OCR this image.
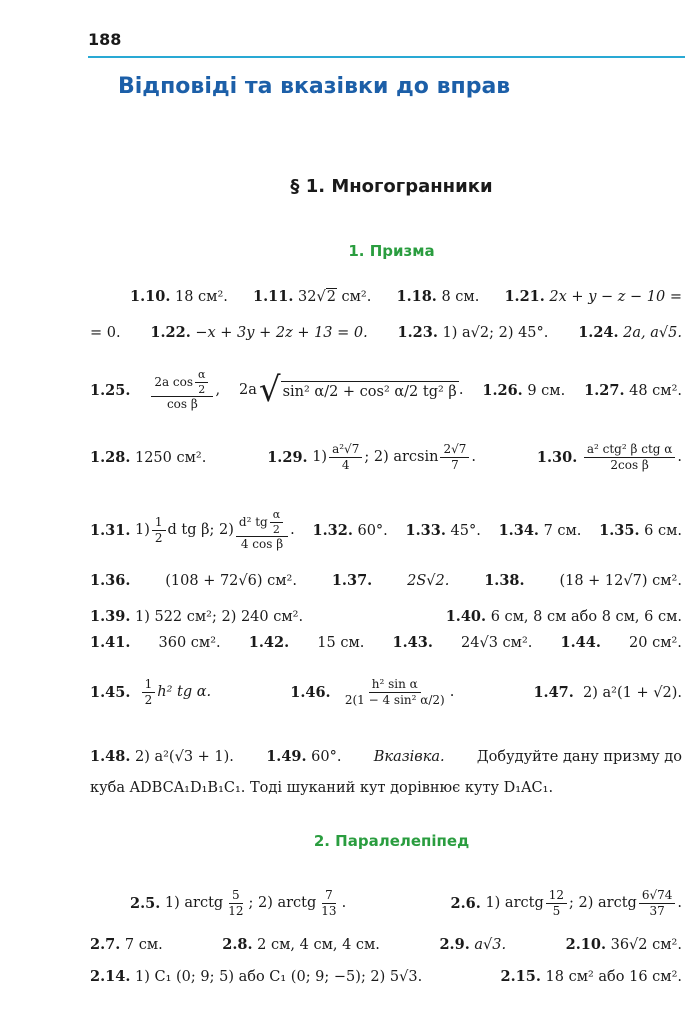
188
Відповіді та вказівки до вправ
§ 1. Многогранники
1. Призма
1.10. 18 см². 1.11. 32√2 см². 1.18. 8 см. 1.21. 2x + y − z − 10 =
= 0. 1.22. −x + 3y + 2z + 13 = 0. 1.23. 1) a√2; 2) 45°. 1.24. 2a, a√5.
1.25. $\frac{2a \cos \frac{\alpha}{2}}{\text{cos β}}$ , 2a √ sin² α/2 + cos² α/2 tg² β . 1.26. 9 см. 1.27. 48 см².
1.28. 1250 см².	1.29.
$1) \frac{\text{a²√7}}{4}$ ; 2) $\arcsin \frac{2√7}{7}$ .	1.30.
$\frac{\text{a² ctg² β ctg α}}{\text{2cos β}}$ .
1.31.
$1) \frac{1}{2}$ d tg β; $2) \frac{d^2 tg \frac{\alpha}{2}}{\text{4 cos β}}$ . 1.32. 60°. 1.33. 45°. 1.34. 7 см. 1.35. 6 см.
1.36. (108 + 72√6) см². 1.37. 2S√2. 1.38. (18 + 12√7) см².
1.39. 1) 522 см²; 2) 240 см².	1.40. 6 см, 8 см або 8 см, 6 см.
1.41. 360 см². 1.42. 15 см. 1.43. 24√3 см². 1.44. 20 см².
1.45.
$\frac{1}{2} h^2$ tg α.	1.46.
$\frac{\text{h² sin α}}{\text{2(1 − 4 sin² α/2)}}$ .	1.47. 2) a²(1 + √2).
1.48. 2) a²(√3 + 1). 1.49. 60°. Вказівка. Добудуйте дану призму до
куба ADBCA₁D₁B₁C₁. Тоді шуканий кут дорівнює куту D₁AC₁.
2. Паралелепіпед
2.5.
1) arctg $\frac{5}{12}$ ; 2) arctg $\frac{7}{13}$ .	2.6.
1) arctg $\frac{12}{5}$ ; 2) arctg $\frac{6√74}{37}$ .
2.7. 7 см.	2.8. 2 см, 4 см, 4 см.	2.9. a√3.	2.10. 36√2 см².
2.14. 1) C₁ (0; 9; 5) або C₁ (0; 9; −5); 2) 5√3.	2.15. 18 см² або 16 см².
